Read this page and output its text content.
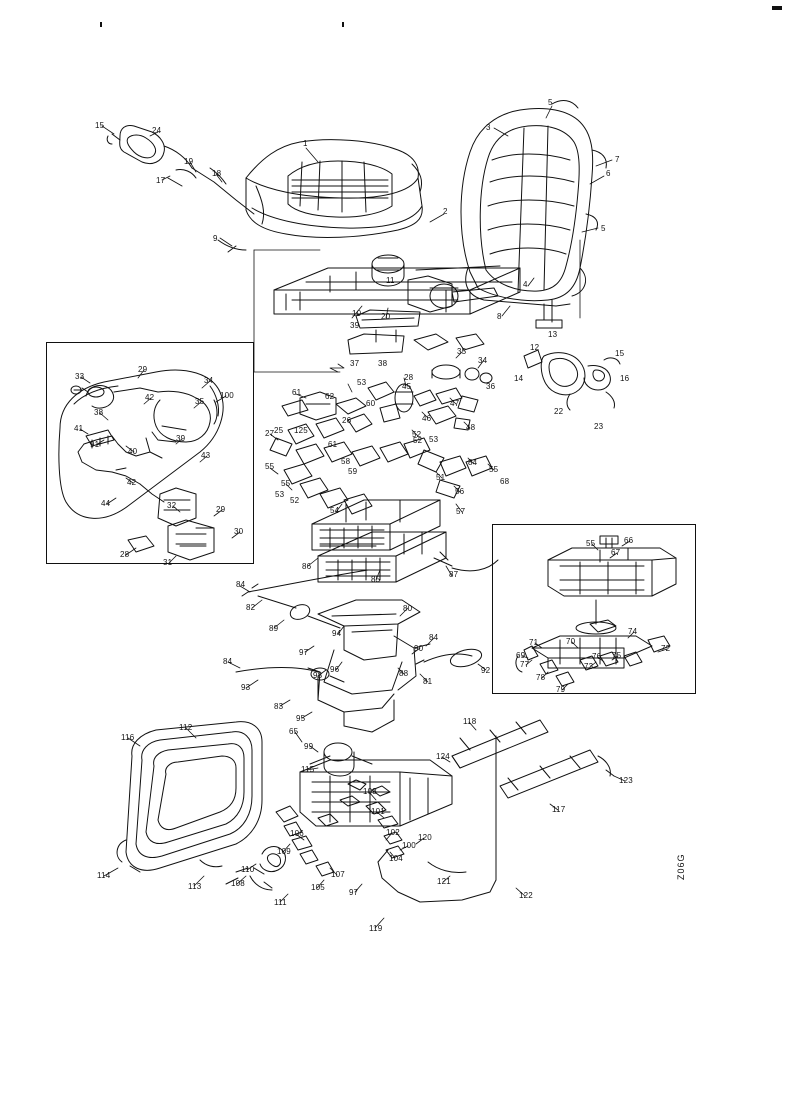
15
24
19
18
17
9
1
2
5
3
7
6
5
4
8
13
11
12
14
15
16
22
23
10 20
39
37 38
28
35
34
36
45
53
61	62
26
60
46
47
48
52
25 125
61	52 53
51
84
55
68
56
57
27
55
58
59
55
53
52
54
86
85
87
84
82
89
84
93
83
95
97
98
96
94
80
81
84
90
92
88
65
99
115
112
116
114
113	108
109
106
110
111
105
107
103
101
102
104
100
97
120
121
119
122
124
118
117
123
33
29
34
100
35
42
38
41
91
40
39
43
42
44	32	29
30
31
28
55	66
67
71	70
74
76 75
72
73
77
78
79
69
Z06G
